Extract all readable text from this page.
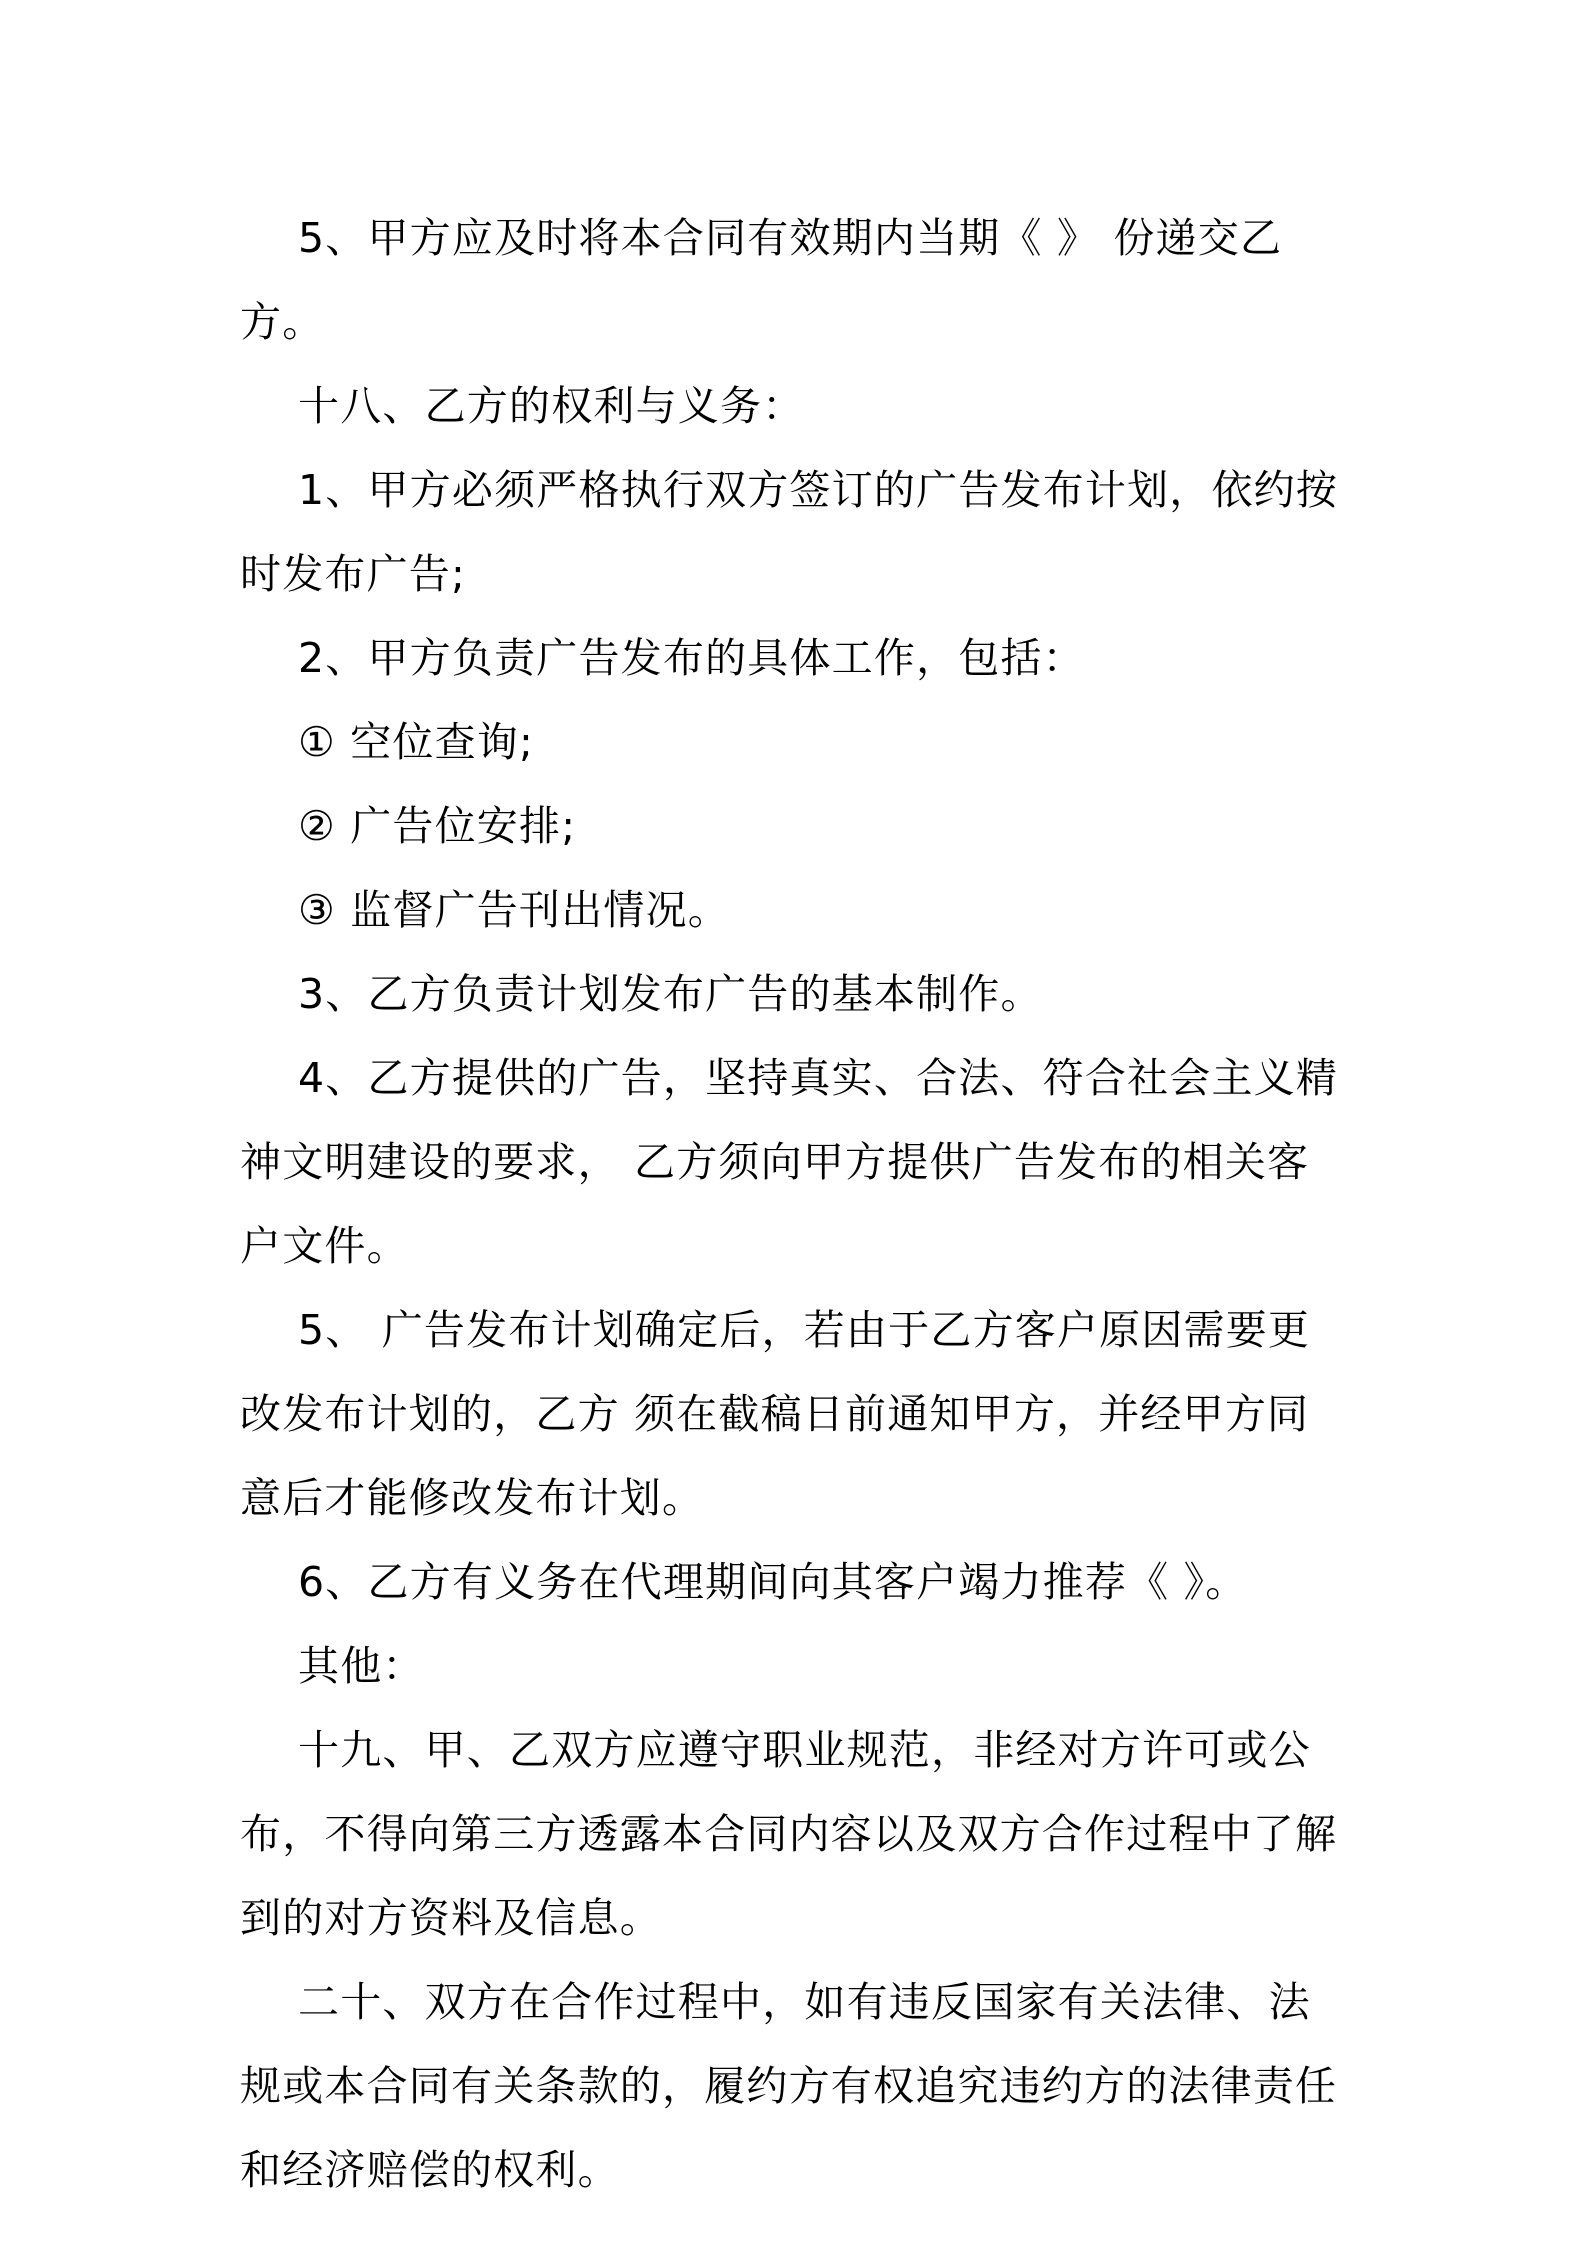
5、甲方应及时将本合同有效期内当期《 》 份递交乙方。

十八、乙方的权利与义务：

1、甲方必须严格执行双方签订的广告发布计划，依约按时发布广告;

2、甲方负责广告发布的具体工作，包括：

① 空位查询;

② 广告位安排;

③ 监督广告刊出情况。

3、乙方负责计划发布广告的基本制作。

4、乙方提供的广告，坚持真实、合法、符合社会主义精神文明建设的要求， 乙方须向甲方提供广告发布的相关客户文件。

5、 广告发布计划确定后，若由于乙方客户原因需要更改发布计划的，乙方 须在截稿日前通知甲方，并经甲方同意后才能修改发布计划。

6、乙方有义务在代理期间向其客户竭力推荐《 》。

其他：

十九、甲、乙双方应遵守职业规范，非经对方许可或公布，不得向第三方透露本合同内容以及双方合作过程中了解到的对方资料及信息。

二十、双方在合作过程中，如有违反国家有关法律、法规或本合同有关条款的，履约方有权追究违约方的法律责任和经济赔偿的权利。
